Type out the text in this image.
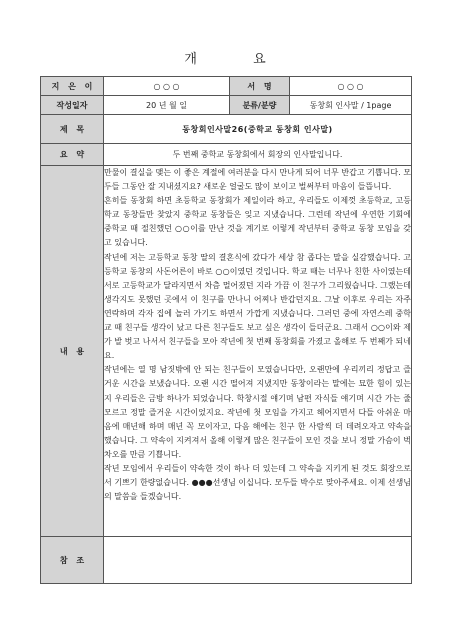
개 요
지 은 이	○ ○ ○	서 명	○ ○ ○
작성일자	20 년 월 일	분류/분량	동창회 인사말 / 1page
제 목	동창회인사말26(중학교 동창회 인사말)		
요 약	두 번째 중학교 동창회에서 회장의 인사말입니다.		
내 용	만물이 결실을 맺는 이 좋은 계절에 여러분을 다시 만나게 되어 너무 반갑고 기쁩니다. 모두들 그동안 잘 지내셨지요? 새로운 얼굴도 많이 보이고 벌써부터 마음이 들뜹니다.

흔히들 동창회 하면 초등학교 동창회가 제일이라 하고, 우리들도 이제껏 초등학교, 고등학교 동창들만 찾았지 중학교 동창들은 잊고 지냈습니다. 그런데 작년에 우연한 기회에 중학교 때 절친했던 ○○이를 만난 것을 계기로 이렇게 작년부터 중학교 동창 모임을 갖고 있습니다.

작년에 저는 고등학교 동창 딸의 결혼식에 갔다가 세상 참 좁다는 말을 실감했습니다. 고등학교 동창의 사돈어른이 바로 ○○이였던 것입니다. 학교 때는 너무나 친한 사이였는데 서로 고등학교가 달라지면서 차츰 멀어졌던 지라 가끔 이 친구가 그리웠습니다. 그랬는데 생각지도 못했던 곳에서 이 친구를 만나니 어찌나 반갑던지요. 그날 이후로 우리는 자주 연락하며 각자 집에 놀러 가기도 하면서 가깝게 지냈습니다. 그러던 중에 자연스레 중학교 때 친구들 생각이 났고 다른 친구들도 보고 싶은 생각이 들더군요. 그래서 ○○이와 제가 발 벗고 나서서 친구들을 모아 작년에 첫 번째 동창회를 가졌고 올해로 두 번째가 되네요.

작년에는 열 명 남짓밖에 안 되는 친구들이 모였습니다만, 오랜만에 우리끼리 정답고 즐거운 시간을 보냈습니다. 오랜 시간 떨어져 지냈지만 동창이라는 말에는 묘한 힘이 있는지 우리들은 금방 하나가 되었습니다. 학창시절 얘기며 남편 자식들 얘기며 시간 가는 줄 모르고 정말 즐거운 시간이었지요. 작년에 첫 모임을 가지고 헤어지면서 다들 아쉬운 마음에 매년해 하며 매년 꼭 모이자고, 다음 해에는 친구 한 사람씩 더 데려오자고 약속을 했습니다. 그 약속이 지켜져서 올해 이렇게 많은 친구들이 모인 것을 보니 정말 가슴이 벅차오를 만큼 기쁩니다.

작년 모임에서 우리들이 약속한 것이 하나 더 있는데 그 약속을 지키게 된 것도 회장으로서 기쁘기 한량없습니다. ●●●선생님 이십니다. 모두들 박수로 맞아주세요. 이제 선생님의 말씀을 들겠습니다.		

참 조			
